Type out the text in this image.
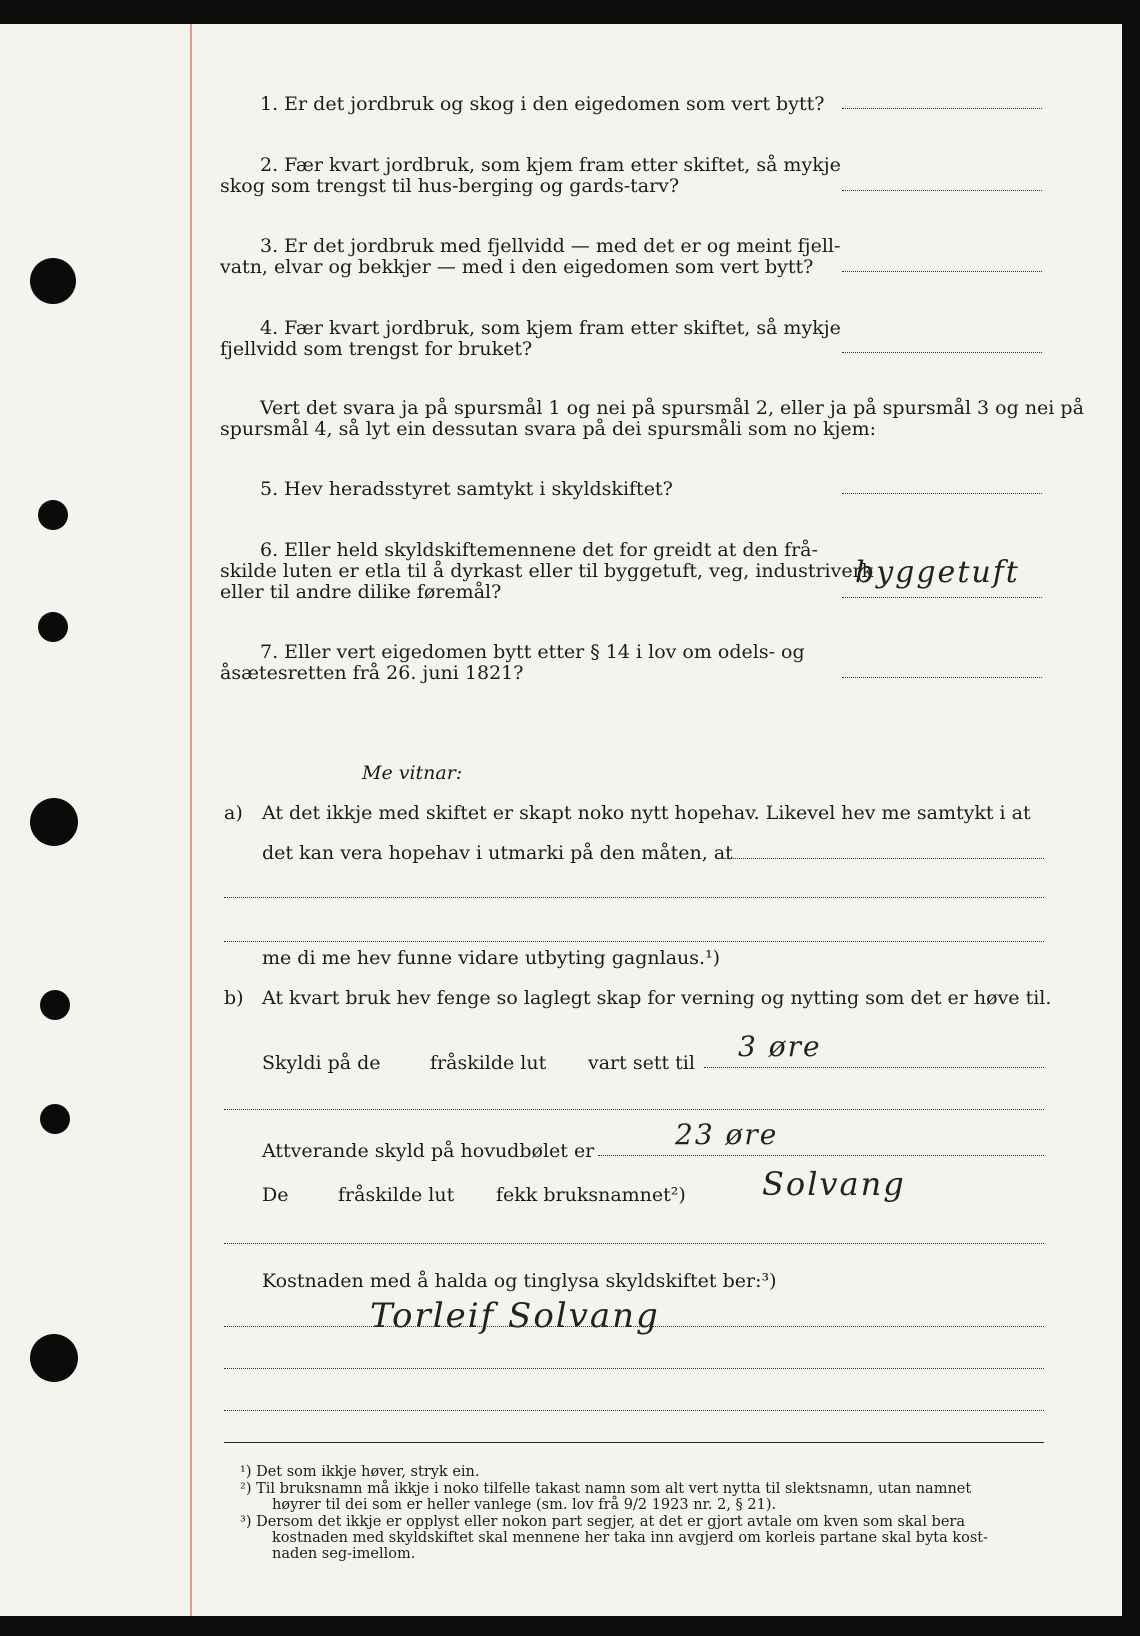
1. Er det jordbruk og skog i den eigedomen som vert bytt?
2. Fær kvart jordbruk, som kjem fram etter skiftet, så mykje
skog som trengst til hus-berging og gards-tarv?
3. Er det jordbruk med fjellvidd — med det er og meint fjell-
vatn, elvar og bekkjer — med i den eigedomen som vert bytt?
4. Fær kvart jordbruk, som kjem fram etter skiftet, så mykje
fjellvidd som trengst for bruket?
Vert det svara ja på spursmål 1 og nei på spursmål 2, eller ja på spursmål 3 og nei på
spursmål 4, så lyt ein dessutan svara på dei spursmåli som no kjem:
5. Hev heradsstyret samtykt i skyldskiftet?
6. Eller held skyldskiftemennene det for greidt at den frå-
skilde luten er etla til å dyrkast eller til byggetuft, veg, industriverk
eller til andre dilike føremål?
byggetuft
7. Eller vert eigedomen bytt etter § 14 i lov om odels- og
åsætesretten frå 26. juni 1821?
Me vitnar:
a) At det ikkje med skiftet er skapt noko nytt hopehav. Likevel hev me samtykt i at
det kan vera hopehav i utmarki på den måten, at
me di me hev funne vidare utbyting gagnlaus.¹)
b) At kvart bruk hev fenge so laglegt skap for verning og nytting som det er høve til.
Skyldi på de	fråskilde lut vart sett til 3 øre
Attverande skyld på hovudbølet er	23 øre
De	fråskilde lut fekk bruksnamnet²) Solvang
Kostnaden med å halda og tinglysa skyldskiftet ber:³)
Torleif Solvang
¹) Det som ikkje høver, stryk ein.
²) Til bruksnamn må ikkje i noko tilfelle takast namn som alt vert nytta til slektsnamn, utan namnet
høyrer til dei som er heller vanlege (sm. lov frå 9/2 1923 nr. 2, § 21).
³) Dersom det ikkje er opplyst eller nokon part segjer, at det er gjort avtale om kven som skal bera
kostnaden med skyldskiftet skal mennene her taka inn avgjerd om korleis partane skal byta kost-
naden seg-imellom.
